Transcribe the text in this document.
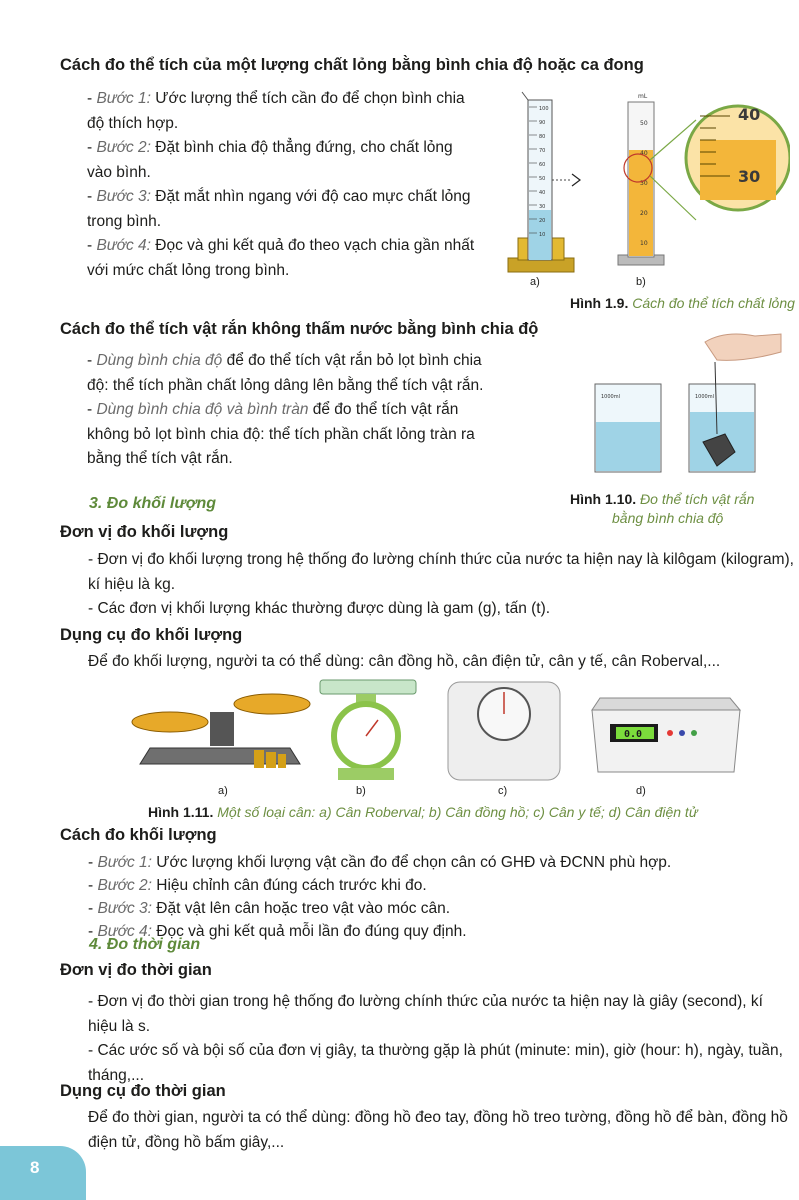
Cách đo thể tích của một lượng chất lỏng bằng bình chia độ hoặc ca đong
- Bước 1: Ước lượng thể tích cần đo để chọn bình chia độ thích hợp.
- Bước 2: Đặt bình chia độ thẳng đứng, cho chất lỏng vào bình.
- Bước 3: Đặt mắt nhìn ngang với độ cao mực chất lỏng trong bình.
- Bước 4: Đọc và ghi kết quả đo theo vạch chia gần nhất với mức chất lỏng trong bình.
100
90
80
70
60
50
40
30
20
10
mL
50
40
30
20
10
40
30
a)	b)
Hình 1.9. Cách đo thể tích chất lỏng
Cách đo thể tích vật rắn không thấm nước bằng bình chia độ
- Dùng bình chia độ để đo thể tích vật rắn bỏ lọt bình chia độ: thể tích phần chất lỏng dâng lên bằng thể tích vật rắn.
- Dùng bình chia độ và bình tràn để đo thể tích vật rắn không bỏ lọt bình chia độ: thể tích phần chất lỏng tràn ra bằng thể tích vật rắn.
1000ml	1000ml
Hình 1.10. Đo thể tích vật rắn
bằng bình chia độ
3. Đo khối lượng
Đơn vị đo khối lượng
- Đơn vị đo khối lượng trong hệ thống đo lường chính thức của nước ta hiện nay là kilôgam (kilogram), kí hiệu là kg.
- Các đơn vị khối lượng khác thường được dùng là gam (g), tấn (t).
Dụng cụ đo khối lượng
Để đo khối lượng, người ta có thể dùng: cân đồng hồ, cân điện tử, cân y tế, cân Roberval,...
0.0
a)	b)	c)	d)
Hình 1.11. Một số loại cân: a) Cân Roberval; b) Cân đồng hồ; c) Cân y tế; d) Cân điện tử
Cách đo khối lượng
- Bước 1: Ước lượng khối lượng vật cần đo để chọn cân có GHĐ và ĐCNN phù hợp.
- Bước 2: Hiệu chỉnh cân đúng cách trước khi đo.
- Bước 3: Đặt vật lên cân hoặc treo vật vào móc cân.
- Bước 4: Đọc và ghi kết quả mỗi lần đo đúng quy định.
4. Đo thời gian
Đơn vị đo thời gian
- Đơn vị đo thời gian trong hệ thống đo lường chính thức của nước ta hiện nay là giây (second), kí hiệu là s.
- Các ước số và bội số của đơn vị giây, ta thường gặp là phút (minute: min), giờ (hour: h), ngày, tuần, tháng,...
Dụng cụ đo thời gian
Để đo thời gian, người ta có thể dùng: đồng hồ đeo tay, đồng hồ treo tường, đồng hồ để bàn, đồng hồ điện tử, đồng hồ bấm giây,...
8
